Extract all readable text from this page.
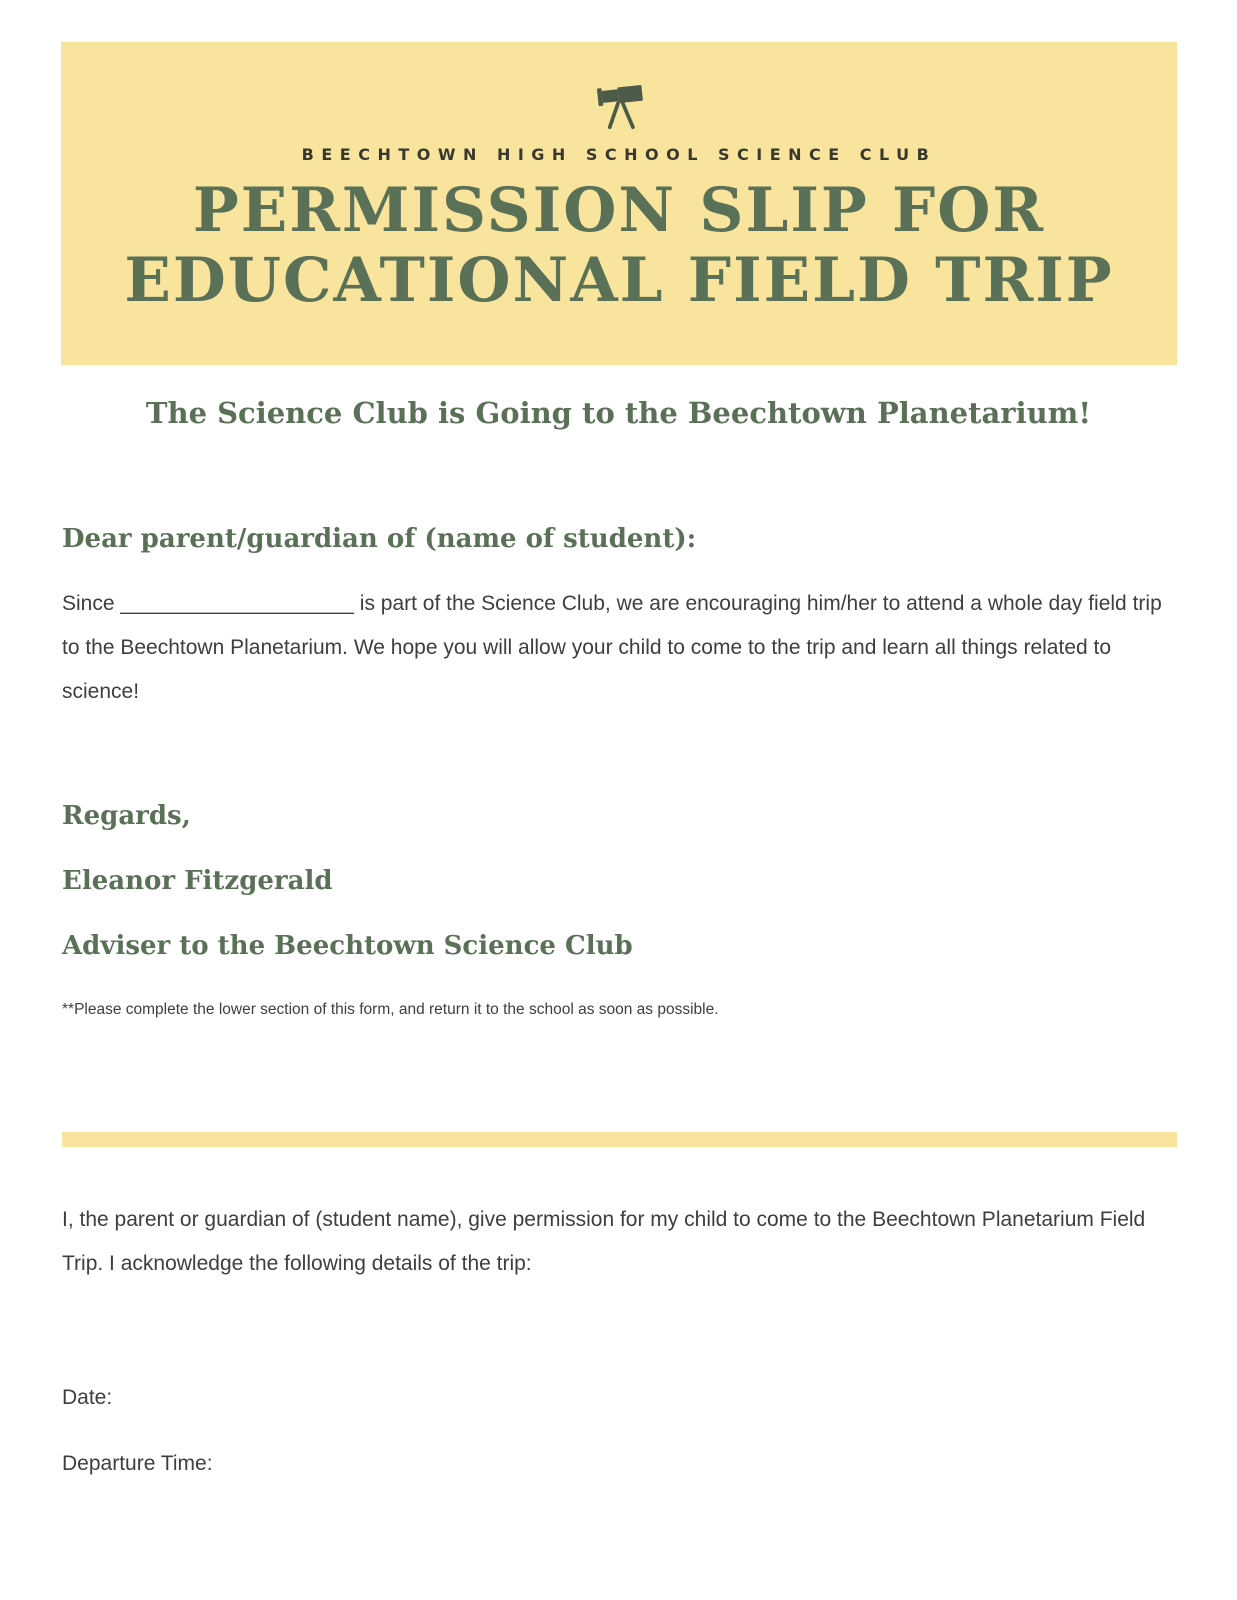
BEECHTOWN HIGH SCHOOL SCIENCE CLUB
PERMISSION SLIP FOR
EDUCATIONAL FIELD TRIP
The Science Club is Going to the Beechtown Planetarium!
Dear parent/guardian of (name of student):
Since ____________________ is part of the Science Club, we are encouraging him/her to attend a whole day field trip to the Beechtown Planetarium. We hope you will allow your child to come to the trip and learn all things related to science!
Regards,
Eleanor Fitzgerald
Adviser to the Beechtown Science Club
**Please complete the lower section of this form, and return it to the school as soon as possible.
I, the parent or guardian of (student name), give permission for my child to come to the Beechtown Planetarium Field Trip. I acknowledge the following details of the trip:
Date:
Departure Time:
